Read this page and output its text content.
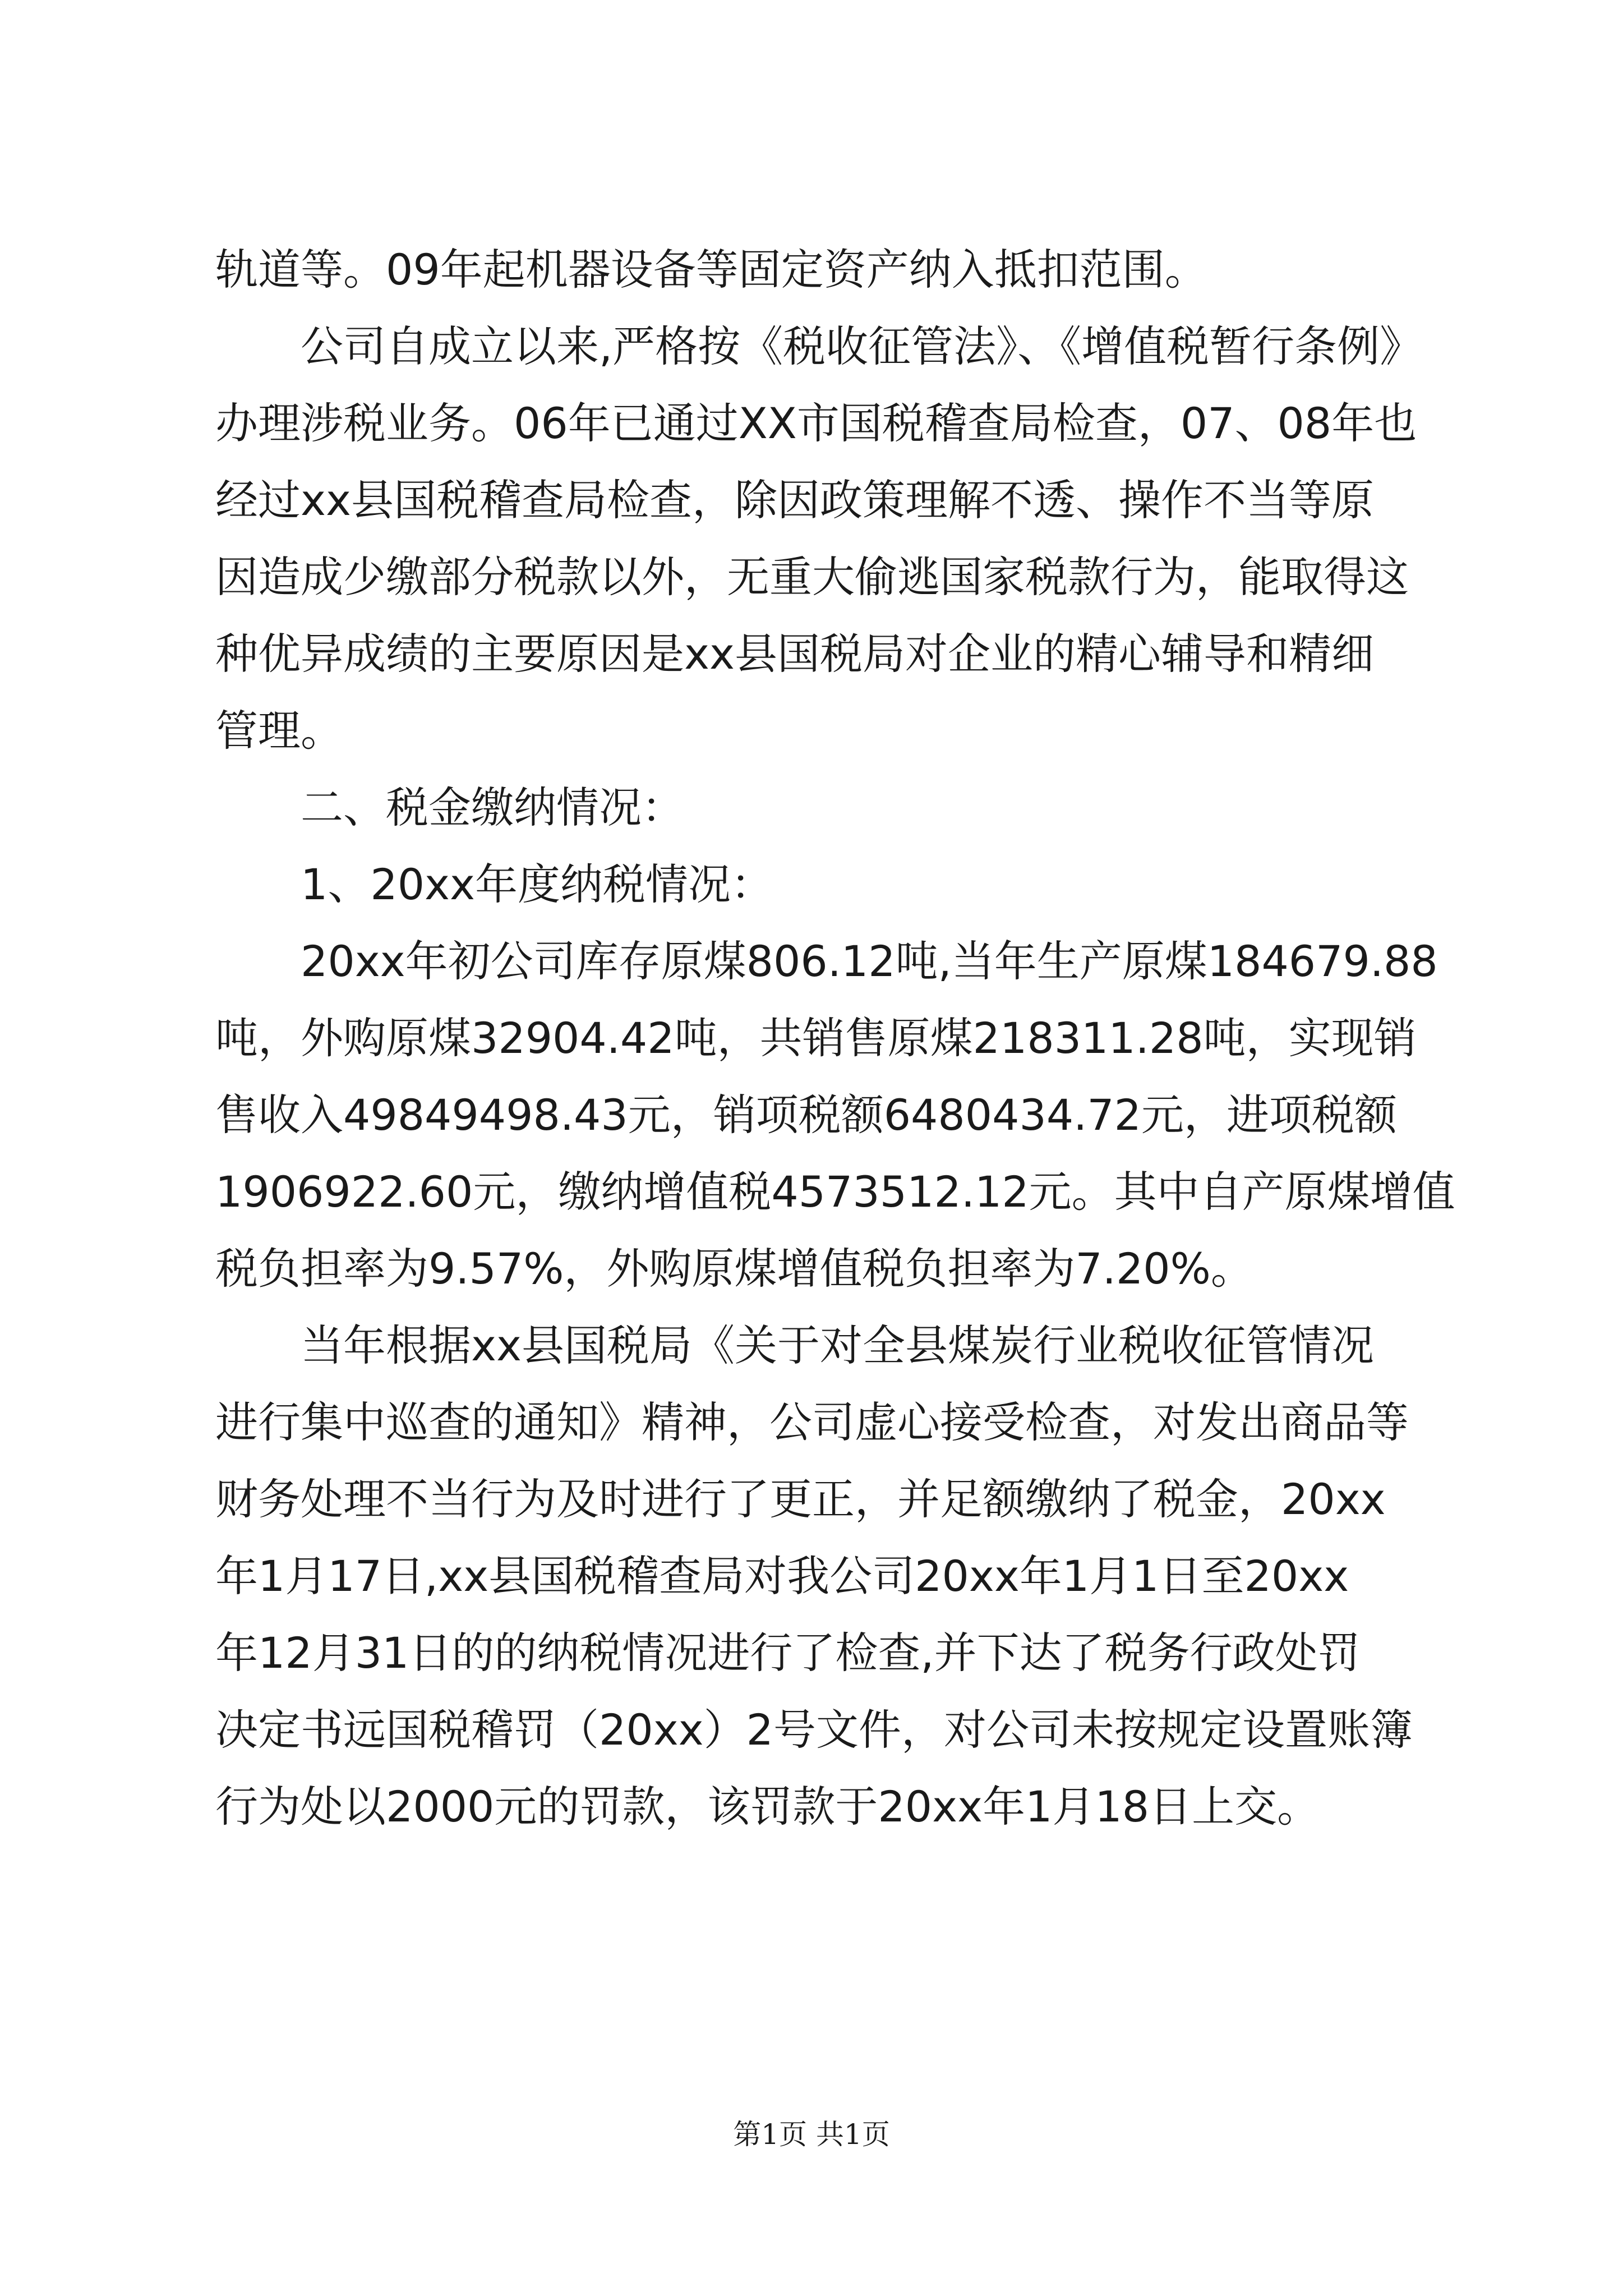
轨道等。09年起机器设备等固定资产纳入抵扣范围。
公司自成立以来,严格按《税收征管法》、《增值税暂行条例》
办理涉税业务。06年已通过XX市国税稽查局检查，07、08年也
经过xx县国税稽查局检查，除因政策理解不透、操作不当等原
因造成少缴部分税款以外，无重大偷逃国家税款行为，能取得这
种优异成绩的主要原因是xx县国税局对企业的精心辅导和精细
管理。
二、税金缴纳情况：
1、20xx年度纳税情况：
20xx年初公司库存原煤806.12吨,当年生产原煤184679.88
吨，外购原煤32904.42吨，共销售原煤218311.28吨，实现销
售收入49849498.43元，销项税额6480434.72元，进项税额
1906922.60元，缴纳增值税4573512.12元。其中自产原煤增值
税负担率为9.57%，外购原煤增值税负担率为7.20%。
当年根据xx县国税局《关于对全县煤炭行业税收征管情况
进行集中巡查的通知》精神，公司虚心接受检查，对发出商品等
财务处理不当行为及时进行了更正，并足额缴纳了税金，20xx
年1月17日,xx县国税稽查局对我公司20xx年1月1日至20xx
年12月31日的的纳税情况进行了检查,并下达了税务行政处罚
决定书远国税稽罚（20xx）2号文件，对公司未按规定设置账簿
行为处以2000元的罚款，该罚款于20xx年1月18日上交。
第1页 共1页
